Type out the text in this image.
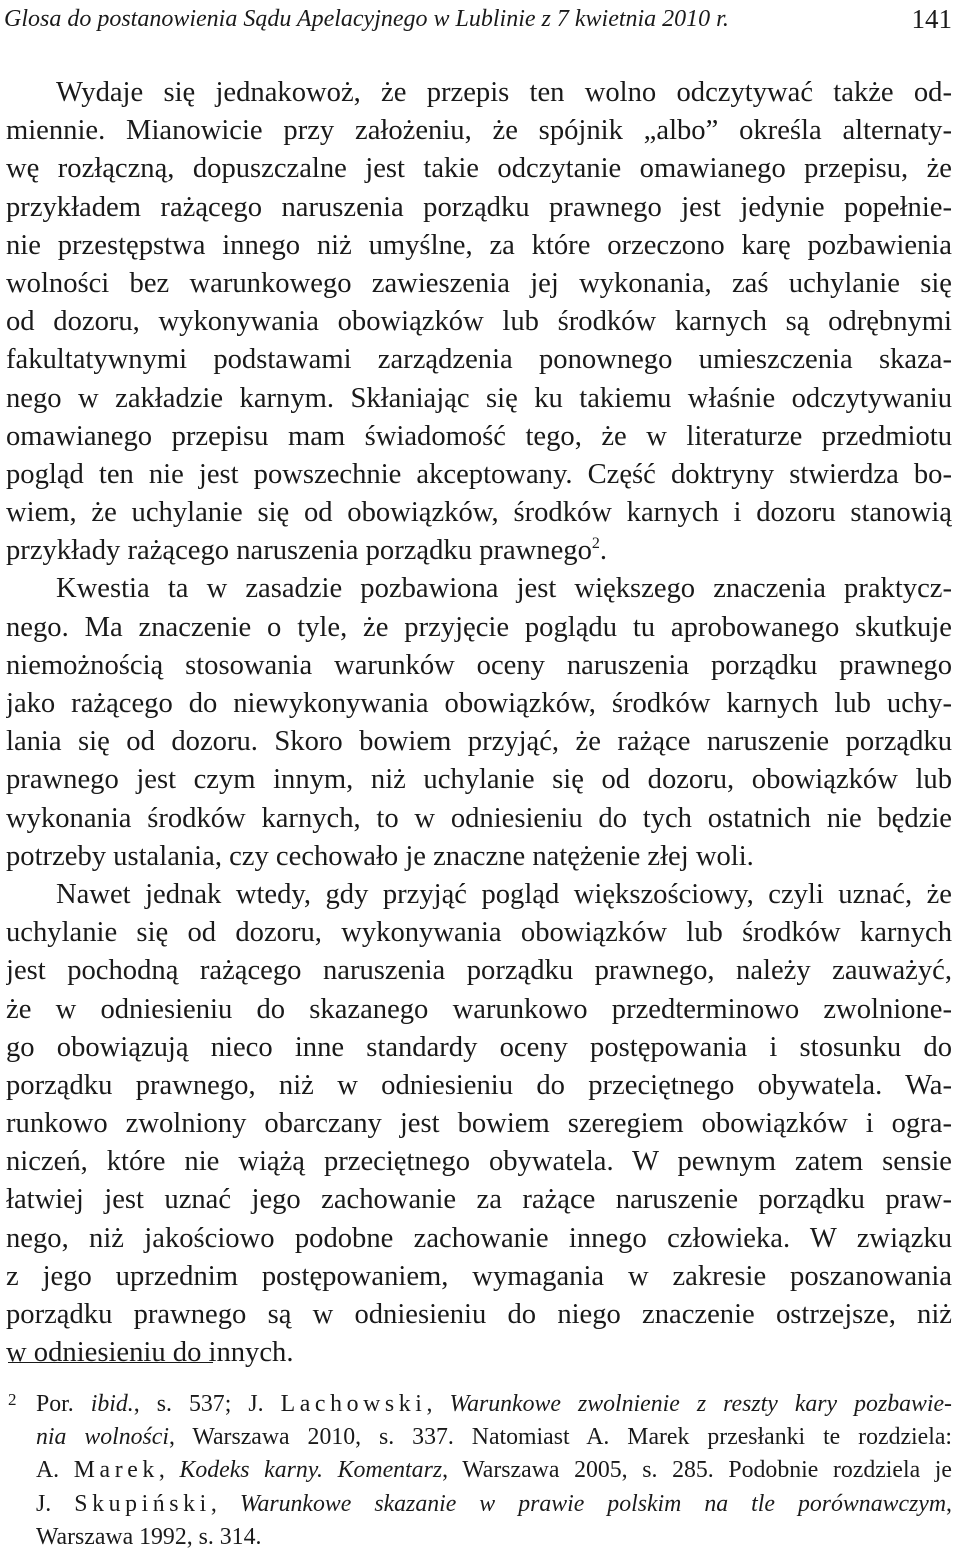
Glosa do postanowienia Sądu Apelacyjnego w Lublinie z 7 kwietnia 2010 r.	141
Wydaje się jednakowoż, że przepis ten wolno odczytywać także od-
miennie. Mianowicie przy założeniu, że spójnik „albo” określa alternaty-
wę rozłączną, dopuszczalne jest takie odczytanie omawianego przepisu, że
przykładem rażącego naruszenia porządku prawnego jest jedynie popełnie-
nie przestępstwa innego niż umyślne, za które orzeczono karę pozbawienia
wolności bez warunkowego zawieszenia jej wykonania, zaś uchylanie się
od dozoru, wykonywania obowiązków lub środków karnych są odrębnymi
fakultatywnymi podstawami zarządzenia ponownego umieszczenia skaza-
nego w zakładzie karnym. Skłaniając się ku takiemu właśnie odczytywaniu
omawianego przepisu mam świadomość tego, że w literaturze przedmiotu
pogląd ten nie jest powszechnie akceptowany. Część doktryny stwierdza bo-
wiem, że uchylanie się od obowiązków, środków karnych i dozoru stanowią
przykłady rażącego naruszenia porządku prawnego$^2$.
Kwestia ta w zasadzie pozbawiona jest większego znaczenia praktycz-
nego. Ma znaczenie o tyle, że przyjęcie poglądu tu aprobowanego skutkuje
niemożnością stosowania warunków oceny naruszenia porządku prawnego
jako rażącego do niewykonywania obowiązków, środków karnych lub uchy-
lania się od dozoru. Skoro bowiem przyjąć, że rażące naruszenie porządku
prawnego jest czym innym, niż uchylanie się od dozoru, obowiązków lub
wykonania środków karnych, to w odniesieniu do tych ostatnich nie będzie
potrzeby ustalania, czy cechowało je znaczne natężenie złej woli.
Nawet jednak wtedy, gdy przyjąć pogląd większościowy, czyli uznać, że
uchylanie się od dozoru, wykonywania obowiązków lub środków karnych
jest pochodną rażącego naruszenia porządku prawnego, należy zauważyć,
że w odniesieniu do skazanego warunkowo przedterminowo zwolnione-
go obowiązują nieco inne standardy oceny postępowania i stosunku do
porządku prawnego, niż w odniesieniu do przeciętnego obywatela. Wa-
runkowo zwolniony obarczany jest bowiem szeregiem obowiązków i ogra-
niczeń, które nie wiążą przeciętnego obywatela. W pewnym zatem sensie
łatwiej jest uznać jego zachowanie za rażące naruszenie porządku praw-
nego, niż jakościowo podobne zachowanie innego człowieka. W związku
z jego uprzednim postępowaniem, wymagania w zakresie poszanowania
porządku prawnego są w odniesieniu do niego znaczenie ostrzejsze, niż
w odniesieniu do innych.
2 Por. ibid., s. 537; J. Lachowski, Warunkowe zwolnienie z reszty kary pozbawie-
nia wolności, Warszawa 2010, s. 337. Natomiast A. Marek przesłanki te rozdziela:
A. Marek, Kodeks karny. Komentarz, Warszawa 2005, s. 285. Podobnie rozdziela je
J. Skupiński, Warunkowe skazanie w prawie polskim na tle porównawczym,
Warszawa 1992, s. 314.
